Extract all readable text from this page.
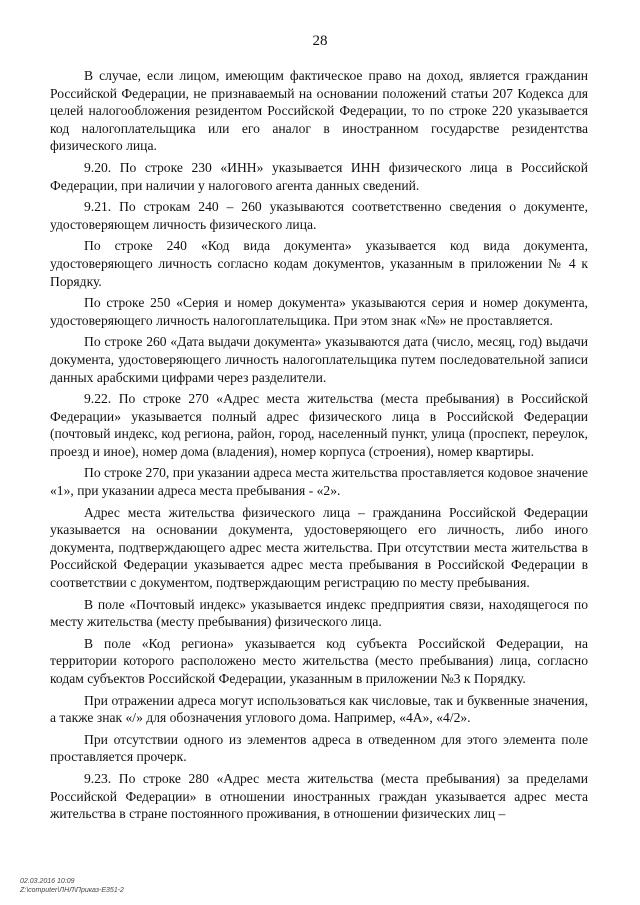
28

В случае, если лицом, имеющим фактическое право на доход, является гражданин Российской Федерации, не признаваемый на основании положений статьи 207 Кодекса для целей налогообложения резидентом Российской Федерации, то по строке 220 указывается код налогоплательщика или его аналог в иностранном государстве резидентства физического лица.

9.20. По строке 230 «ИНН» указывается ИНН физического лица в Российской Федерации, при наличии у налогового агента данных сведений.

9.21. По строкам 240 – 260 указываются соответственно сведения о документе, удостоверяющем личность физического лица.

По строке 240 «Код вида документа» указывается код вида документа, удостоверяющего личность согласно кодам документов, указанным в приложении № 4 к Порядку.

По строке 250 «Серия и номер документа» указываются серия и номер документа, удостоверяющего личность налогоплательщика. При этом знак «№» не проставляется.

По строке 260 «Дата выдачи документа» указываются дата (число, месяц, год) выдачи документа, удостоверяющего личность налогоплательщика путем последовательной записи данных арабскими цифрами через разделители.

9.22. По строке 270 «Адрес места жительства (места пребывания) в Российской Федерации» указывается полный адрес физического лица в Российской Федерации (почтовый индекс, код региона, район, город, населенный пункт, улица (проспект, переулок, проезд и иное), номер дома (владения), номер корпуса (строения), номер квартиры.

По строке 270, при указании адреса места жительства проставляется кодовое значение «1», при указании адреса места пребывания - «2».

Адрес места жительства физического лица – гражданина Российской Федерации указывается на основании документа, удостоверяющего его личность, либо иного документа, подтверждающего адрес места жительства. При отсутствии места жительства в Российской Федерации указывается адрес места пребывания в Российской Федерации в соответствии с документом, подтверждающим регистрацию по месту пребывания.

В поле «Почтовый индекс» указывается индекс предприятия связи, находящегося по месту жительства (месту пребывания) физического лица.

В поле «Код региона» указывается код субъекта Российской Федерации, на территории которого расположено место жительства (место пребывания) лица, согласно кодам субъектов Российской Федерации, указанным в приложении №3 к Порядку.

При отражении адреса могут использоваться как числовые, так и буквенные значения, а также знак «/» для обозначения углового дома. Например, «4А», «4/2».

При отсутствии одного из элементов адреса в отведенном для этого элемента поле проставляется прочерк.

9.23. По строке 280 «Адрес места жительства (места пребывания) за пределами Российской Федерации» в отношении иностранных граждан указывается адрес места жительства в стране постоянного проживания, в отношении физических лиц –

02.03.2016 10:09
Z:\computer\ЛНЛ\Приказ-Е351-2
